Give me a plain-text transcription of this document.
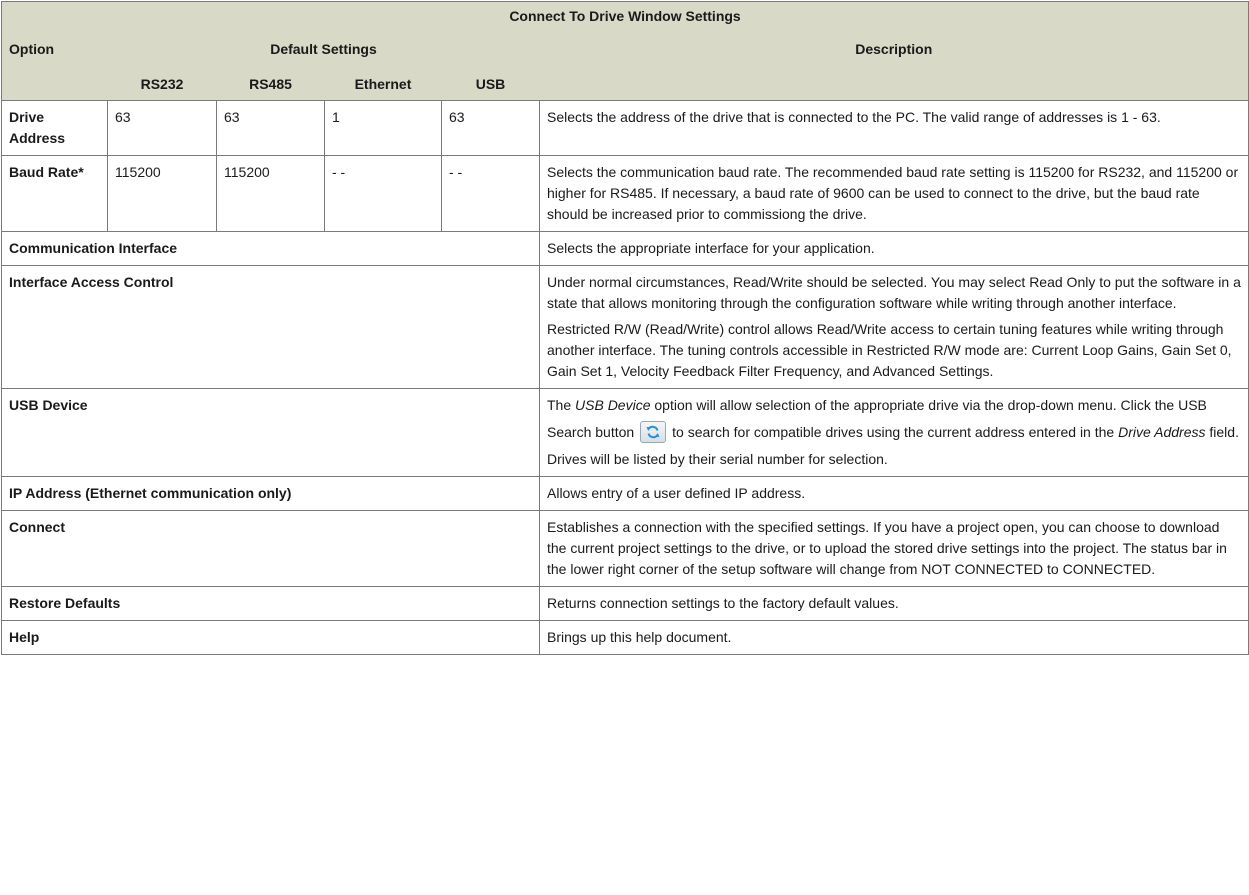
Connect To Drive Window Settings					
Option	Default Settings				Description
	RS232	RS485	Ethernet	USB	
Drive Address	63	63	1	63	Selects the address of the drive that is connected to the PC. The valid range of addresses is 1 - 63.
Baud Rate*	115200	115200	- -	- -	Selects the communication baud rate. The recommended baud rate setting is 115200 for RS232, and 115200 or higher for RS485. If necessary, a baud rate of 9600 can be used to connect to the drive, but the baud rate should be increased prior to commissiong the drive.
Communication Interface					Selects the appropriate interface for your application.
Interface Access Control					Under normal circumstances, Read/Write should be selected. You may select Read Only to put the software in a state that allows monitoring through the configuration software while writing through another interface.

Restricted R/W (Read/Write) control allows Read/Write access to certain tuning features while writing through another interface. The tuning controls accessible in Restricted R/W mode are: Current Loop Gains, Gain Set 0, Gain Set 1, Velocity Feedback Filter Frequency, and Advanced Settings.

USB Device					The USB Device option will allow selection of the appropriate drive via the drop-down menu. Click the USB Search button to search for compatible drives using the current address entered in the Drive Address field. Drives will be listed by their serial number for selection.
IP Address (Ethernet communication only)					Allows entry of a user defined IP address.
Connect					Establishes a connection with the specified settings. If you have a project open, you can choose to download the current project settings to the drive, or to upload the stored drive settings into the project. The status bar in the lower right corner of the setup software will change from NOT CONNECTED to CONNECTED.
Restore Defaults					Returns connection settings to the factory default values.
Help					Brings up this help document.
